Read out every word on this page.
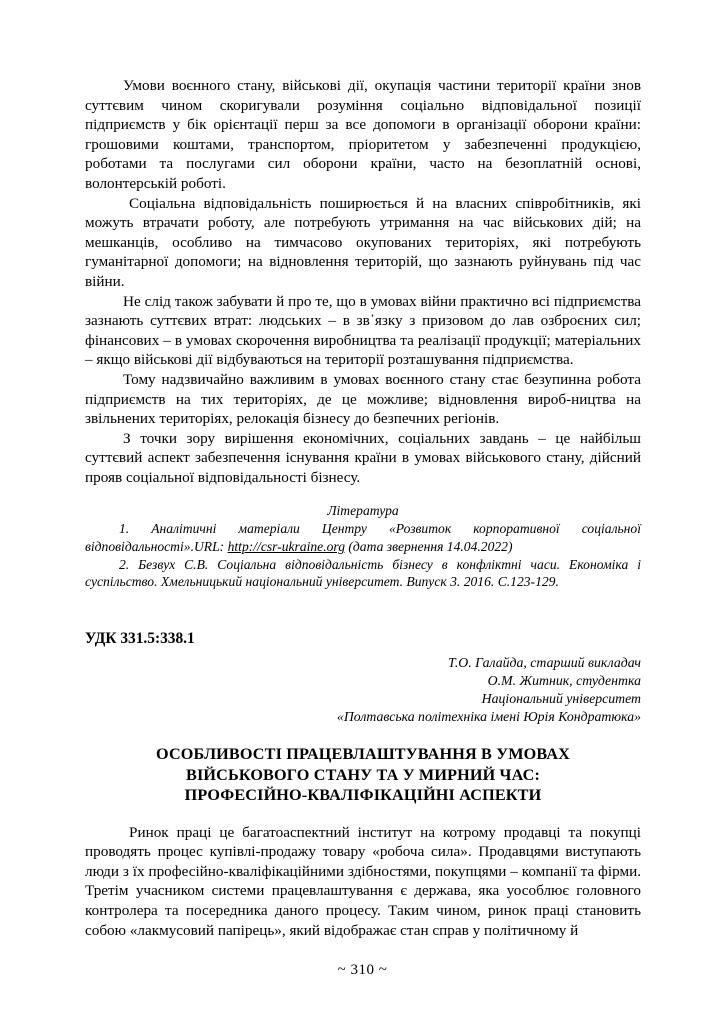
Умови воєнного стану, військові дії, окупація частини території країни знов суттєвим чином скоригували розуміння соціально відповідальної позиції підприємств у бік орієнтації перш за все допомоги в організації оборони країни: грошовими коштами, транспортом, пріоритетом у забезпеченні продукцією, роботами та послугами сил оборони країни, часто на безоплатній основі, волонтерській роботі.

Соціальна відповідальність поширюється й на власних співробітників, які можуть втрачати роботу, але потребують утримання на час військових дій; на мешканців, особливо на тимчасово окупованих територіях, які потребують гуманітарної допомоги; на відновлення територій, що зазнають руйнувань під час війни.

Не слід також забувати й про те, що в умовах війни практично всі підприємства зазнають суттєвих втрат: людських – в зв᾽язку з призовом до лав озброєних сил; фінансових – в умовах скорочення виробництва та реалізації продукції; матеріальних – якщо військові дії відбуваються на території розташування підприємства.

Тому надзвичайно важливим в умовах воєнного стану стає безупинна робота підприємств на тих територіях, де це можливе; відновлення вироб-ництва на звільнених територіях, релокація бізнесу до безпечних регіонів.

З точки зору вирішення економічних, соціальних завдань – це найбільш суттєвий аспект забезпечення існування країни в умовах військового стану, дійсний прояв соціальної відповідальності бізнесу.

Література

1. Аналітичні матеріали Центру «Розвиток корпоративної соціальної відповідальності».URL: http://csr-ukraine.org (дата звернення 14.04.2022)

2. Безвух С.В. Соціальна відповідальність бізнесу в конфліктні часи. Економіка і суспільство. Хмельницький національний університет. Випуск 3. 2016. С.123-129.

УДК 331.5:338.1

Т.О. Галайда, старший викладач
О.М. Житник, студентка
Національний університет
«Полтавська політехніка імені Юрія Кондратюка»
ОСОБЛИВОСТІ ПРАЦЕВЛАШТУВАННЯ В УМОВАХ
ВІЙСЬКОВОГО СТАНУ ТА У МИРНИЙ ЧАС:
ПРОФЕСІЙНО-КВАЛІФІКАЦІЙНІ АСПЕКТИ

Ринок праці це багатоаспектний інститут на котрому продавці та покупці проводять процес купівлі-продажу товару «робоча сила». Продавцями виступають люди з їх професійно-кваліфікаційними здібностями, покупцями – компанії та фірми. Третім учасником системи працевлаштування є держава, яка уособлює головного контролера та посередника даного процесу. Таким чином, ринок праці становить собою «лакмусовий папірець», який відображає стан справ у політичному й

~ 310 ~
